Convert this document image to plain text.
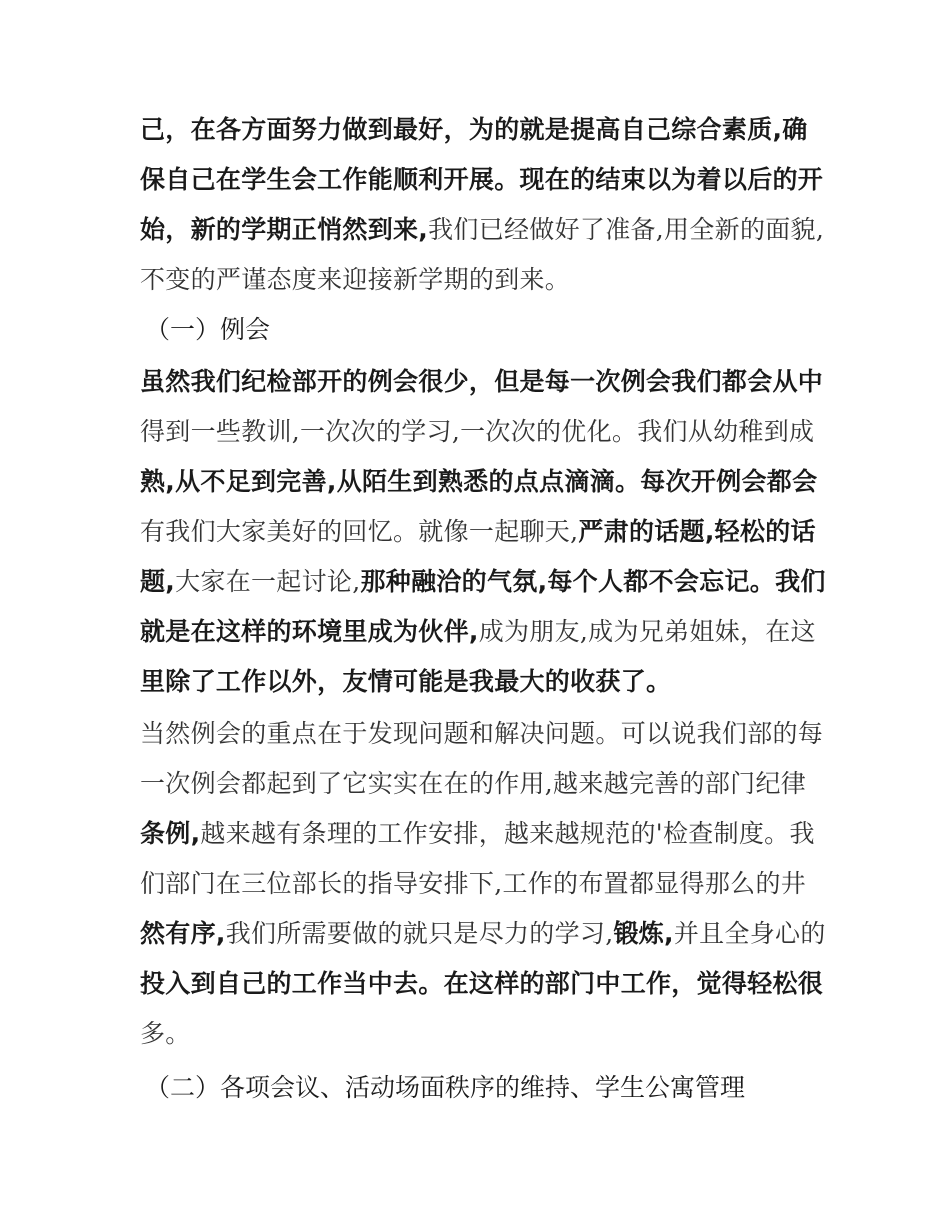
己，在各方面努力做到最好，为的就是提高自己综合素质,确
保自己在学生会工作能顺利开展。现在的结束以为着以后的开
始，新的学期正悄然到来,我们已经做好了准备,用全新的面貌,
不变的严谨态度来迎接新学期的到来。
（一）例会
虽然我们纪检部开的例会很少，但是每一次例会我们都会从中
得到一些教训,一次次的学习,一次次的优化。我们从幼稚到成
熟,从不足到完善,从陌生到熟悉的点点滴滴。每次开例会都会
有我们大家美好的回忆。就像一起聊天,严肃的话题,轻松的话
题,大家在一起讨论,那种融洽的气氛,每个人都不会忘记。我们
就是在这样的环境里成为伙伴,成为朋友,成为兄弟姐妹，在这
里除了工作以外，友情可能是我最大的收获了。
当然例会的重点在于发现问题和解决问题。可以说我们部的每
一次例会都起到了它实实在在的作用,越来越完善的部门纪律
条例,越来越有条理的工作安排，越来越规范的'检查制度。我
们部门在三位部长的指导安排下,工作的布置都显得那么的井
然有序,我们所需要做的就只是尽力的学习,锻炼,并且全身心的
投入到自己的工作当中去。在这样的部门中工作，觉得轻松很
多。
（二）各项会议、活动场面秩序的维持、学生公寓管理
